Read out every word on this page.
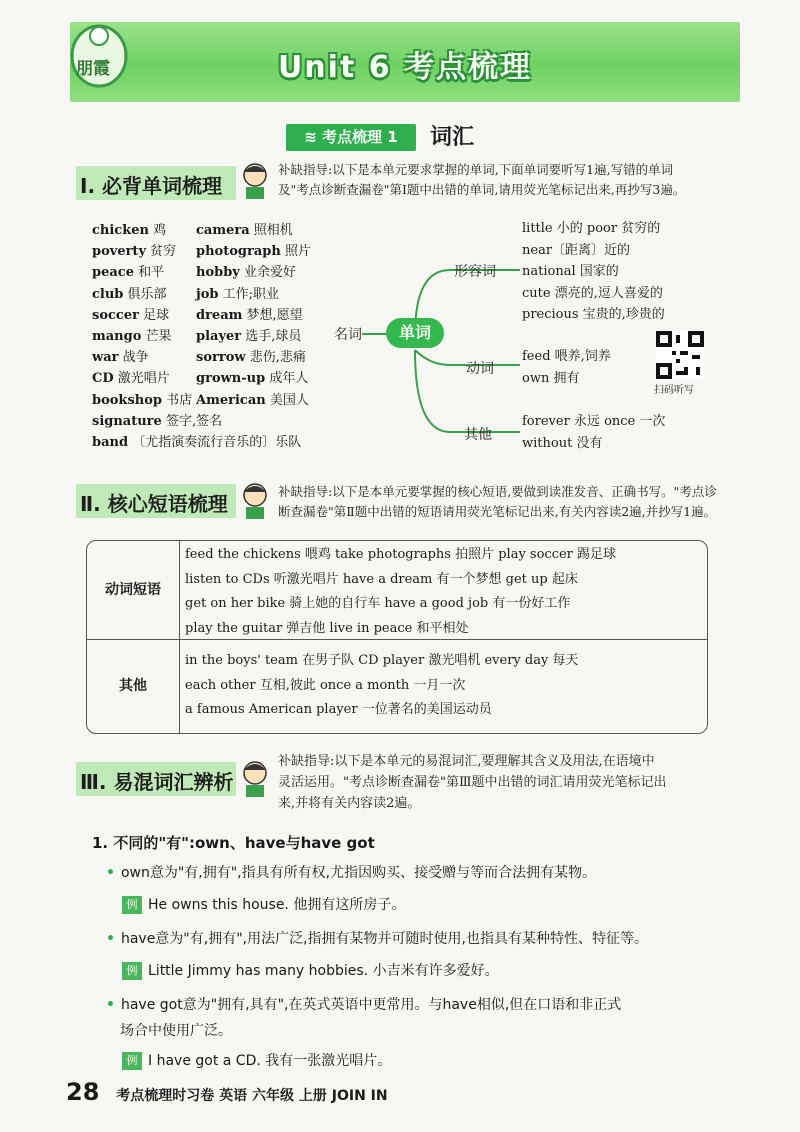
Unit 6 考点梳理
朋霞
≋ 考点梳理 1	词汇
Ⅰ. 必背单词梳理
补缺指导:以下是本单元要求掌握的单词,下面单词要听写1遍,写错的单词
及"考点诊断查漏卷"第Ⅰ题中出错的单词,请用荧光笔标记出来,再抄写3遍。
chicken 鸡
poverty 贫穷
peace 和平
club 俱乐部
soccer 足球
mango 芒果
war 战争
CD 激光唱片
bookshop 书店
signature 签字,签名
band 〔尤指演奏流行音乐的〕乐队
camera 照相机
photograph 照片
hobby 业余爱好
job 工作;职业
dream 梦想,愿望
player 选手,球员
sorrow 悲伤,悲痛
grown-up 成年人
American 美国人
名词	单词
形容词
动词
其他
little 小的 poor 贫穷的
near〔距离〕近的
national 国家的
cute 漂亮的,逗人喜爱的
precious 宝贵的,珍贵的
feed 喂养,饲养
own 拥有
forever 永远 once 一次
without 没有
扫码听写
Ⅱ. 核心短语梳理
补缺指导:以下是本单元要掌握的核心短语,要做到读准发音、正确书写。"考点诊
断查漏卷"第Ⅱ题中出错的短语请用荧光笔标记出来,有关内容读2遍,并抄写1遍。
动词短语
其他
feed the chickens 喂鸡 take photographs 拍照片 play soccer 踢足球
listen to CDs 听激光唱片 have a dream 有一个梦想 get up 起床
get on her bike 骑上她的自行车 have a good job 有一份好工作
play the guitar 弹吉他 live in peace 和平相处
in the boys' team 在男子队 CD player 激光唱机 every day 每天
each other 互相,彼此 once a month 一月一次
a famous American player 一位著名的美国运动员
Ⅲ. 易混词汇辨析
补缺指导:以下是本单元的易混词汇,要理解其含义及用法,在语境中
灵活运用。"考点诊断查漏卷"第Ⅲ题中出错的词汇请用荧光笔标记出
来,并将有关内容读2遍。
1. 不同的"有":own、have与have got
• own意为"有,拥有",指具有所有权,尤指因购买、接受赠与等而合法拥有某物。
例 He owns this house. 他拥有这所房子。
• have意为"有,拥有",用法广泛,指拥有某物并可随时使用,也指具有某种特性、特征等。
例 Little Jimmy has many hobbies. 小吉米有许多爱好。
• have got意为"拥有,具有",在英式英语中更常用。与have相似,但在口语和非正式
场合中使用广泛。
例 I have got a CD. 我有一张激光唱片。
28 考点梳理时习卷 英语 六年级 上册 JOIN IN
